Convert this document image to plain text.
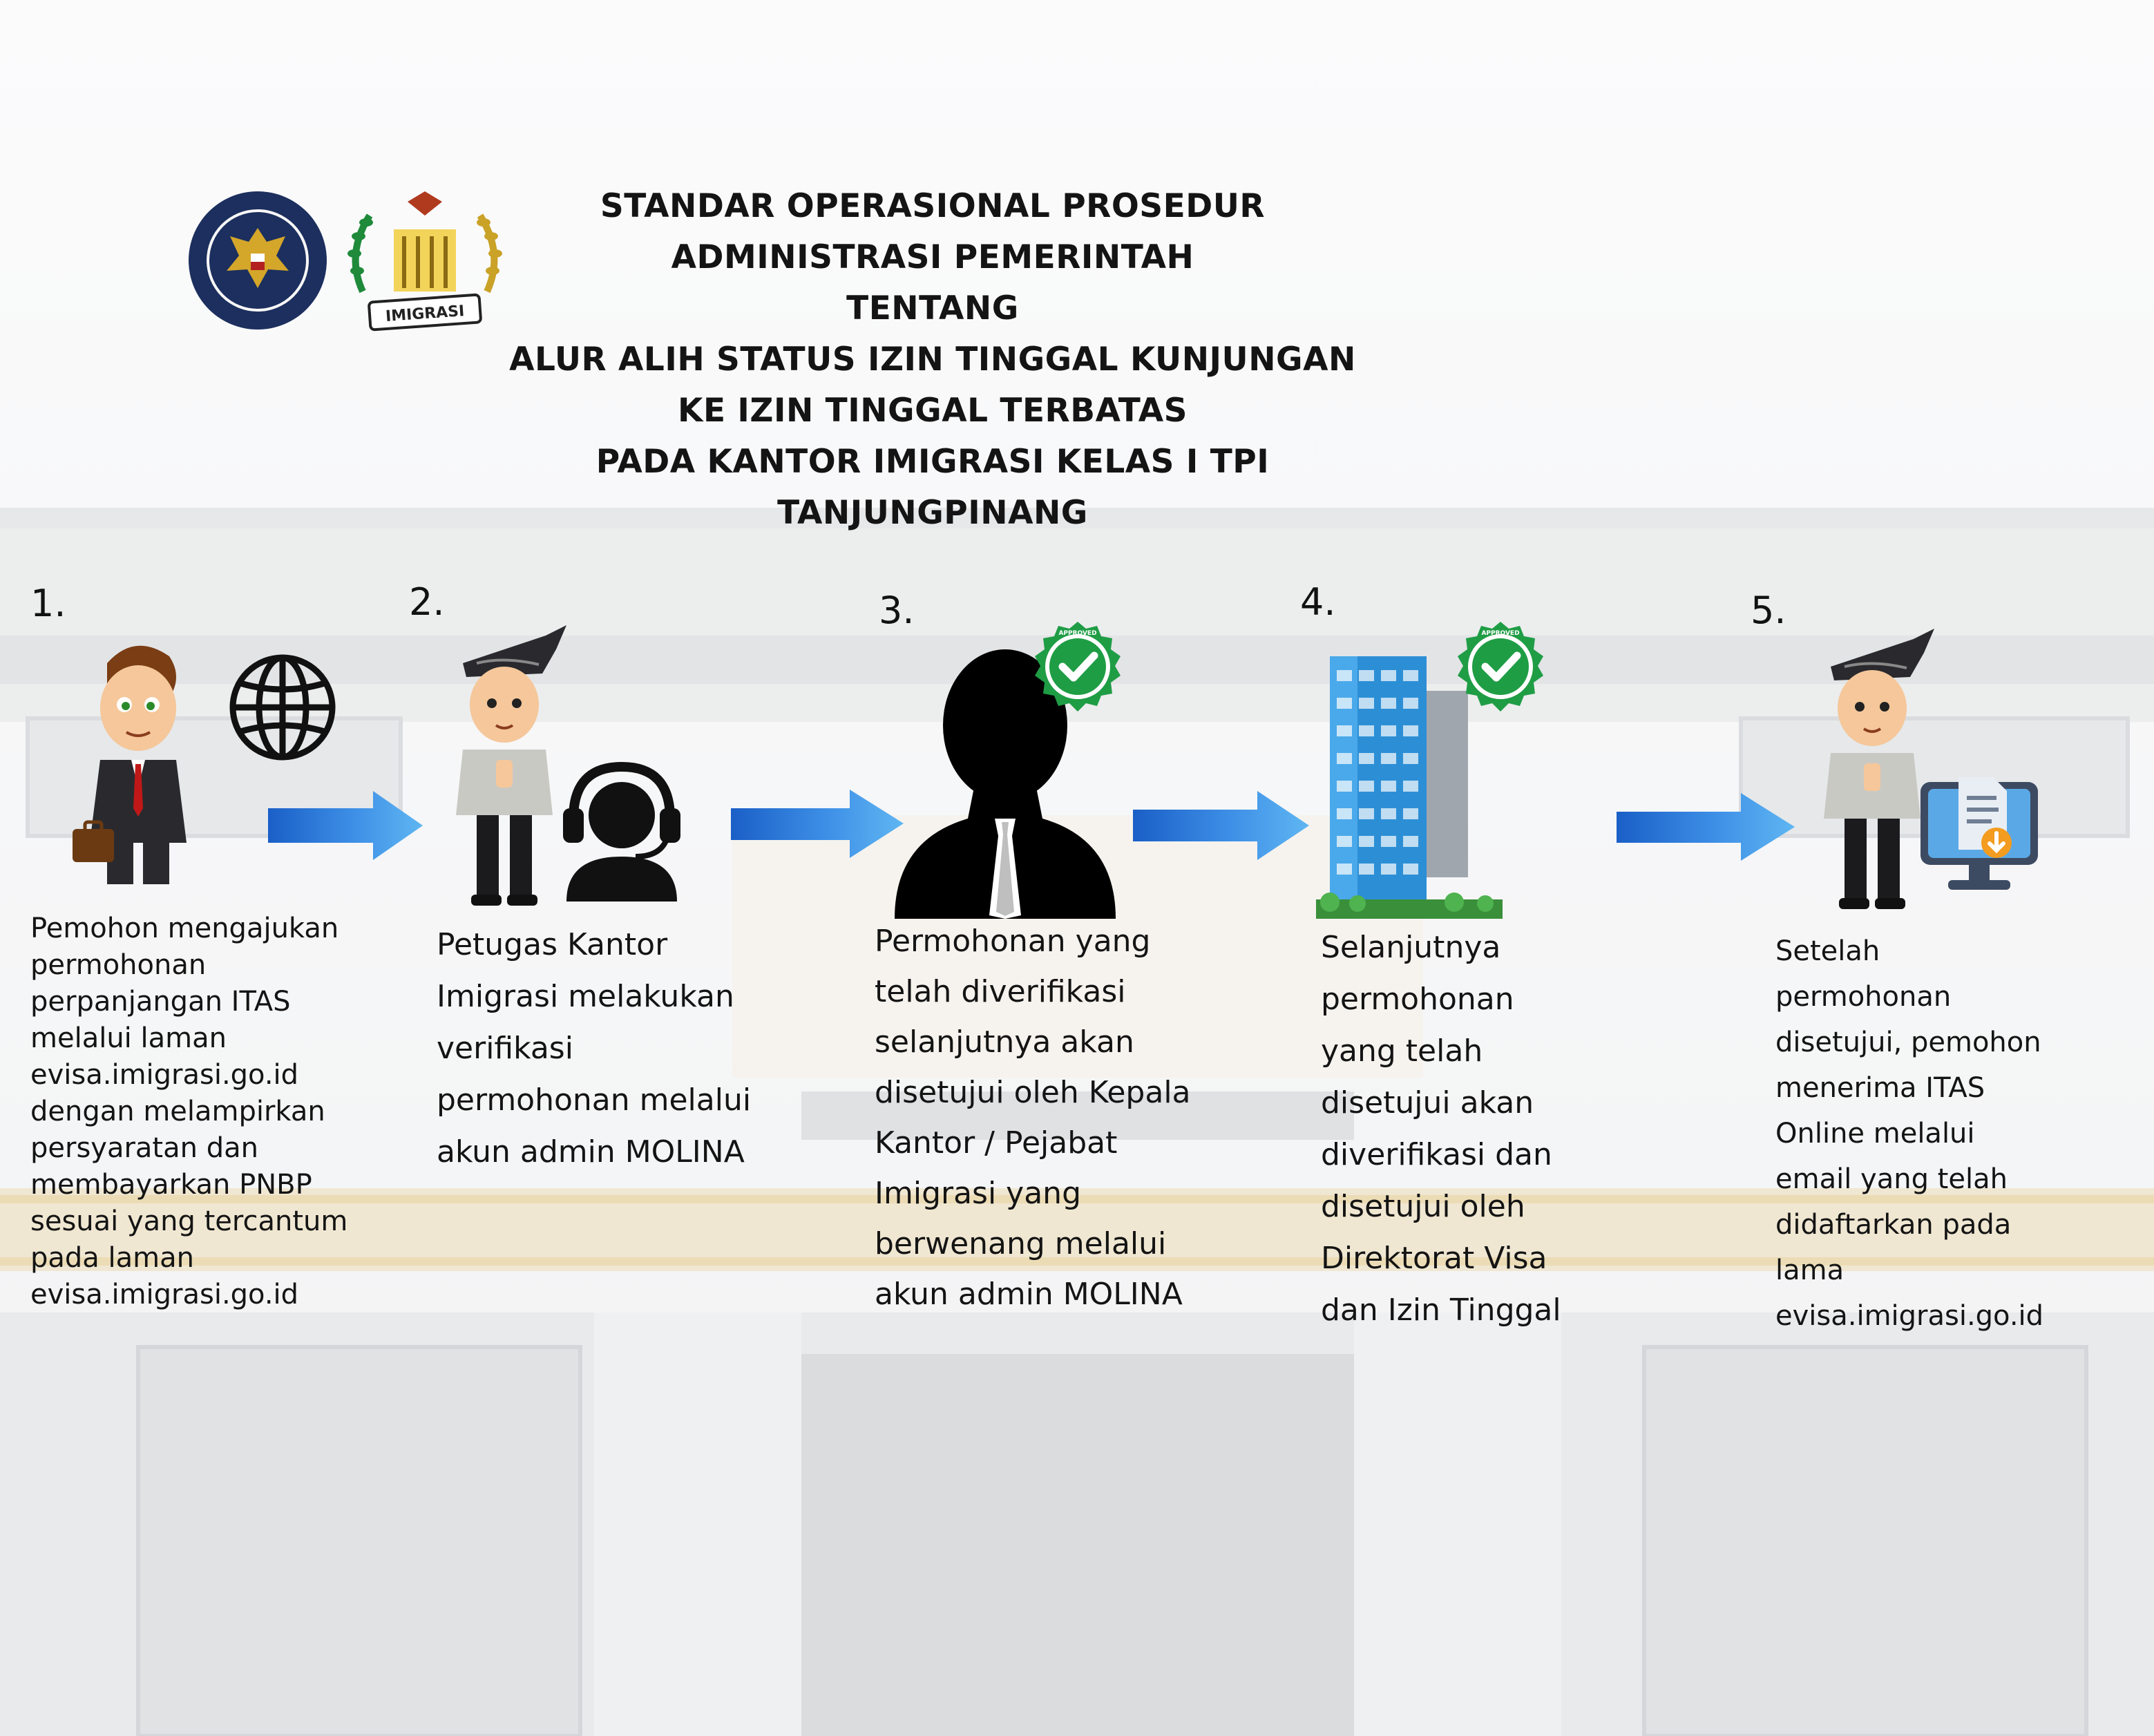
IMIGRASI
STANDAR OPERASIONAL PROSEDUR ADMINISTRASI PEMERINTAH
TENTANG
ALUR ALIH STATUS IZIN TINGGAL KUNJUNGAN KE IZIN TINGGAL TERBATAS
PADA KANTOR IMIGRASI KELAS I TPI TANJUNGPINANG
1.	2.	3.	4.	5.
APPROVED	APPROVED
Pemohon mengajukan
permohonan
perpanjangan ITAS
melalui laman
evisa.imigrasi.go.id
dengan melampirkan
persyaratan dan
membayarkan PNBP
sesuai yang tercantum
pada laman
evisa.imigrasi.go.id
Petugas Kantor
Imigrasi melakukan
verifikasi
permohonan melalui
akun admin MOLINA
Permohonan yang
telah diverifikasi
selanjutnya akan
disetujui oleh Kepala
Kantor / Pejabat
Imigrasi yang
berwenang melalui
akun admin MOLINA
Selanjutnya
permohonan
yang telah
disetujui akan
diverifikasi dan
disetujui oleh
Direktorat Visa
dan Izin Tinggal
Setelah
permohonan
disetujui, pemohon
menerima ITAS
Online melalui
email yang telah
didaftarkan pada
lama
evisa.imigrasi.go.id
